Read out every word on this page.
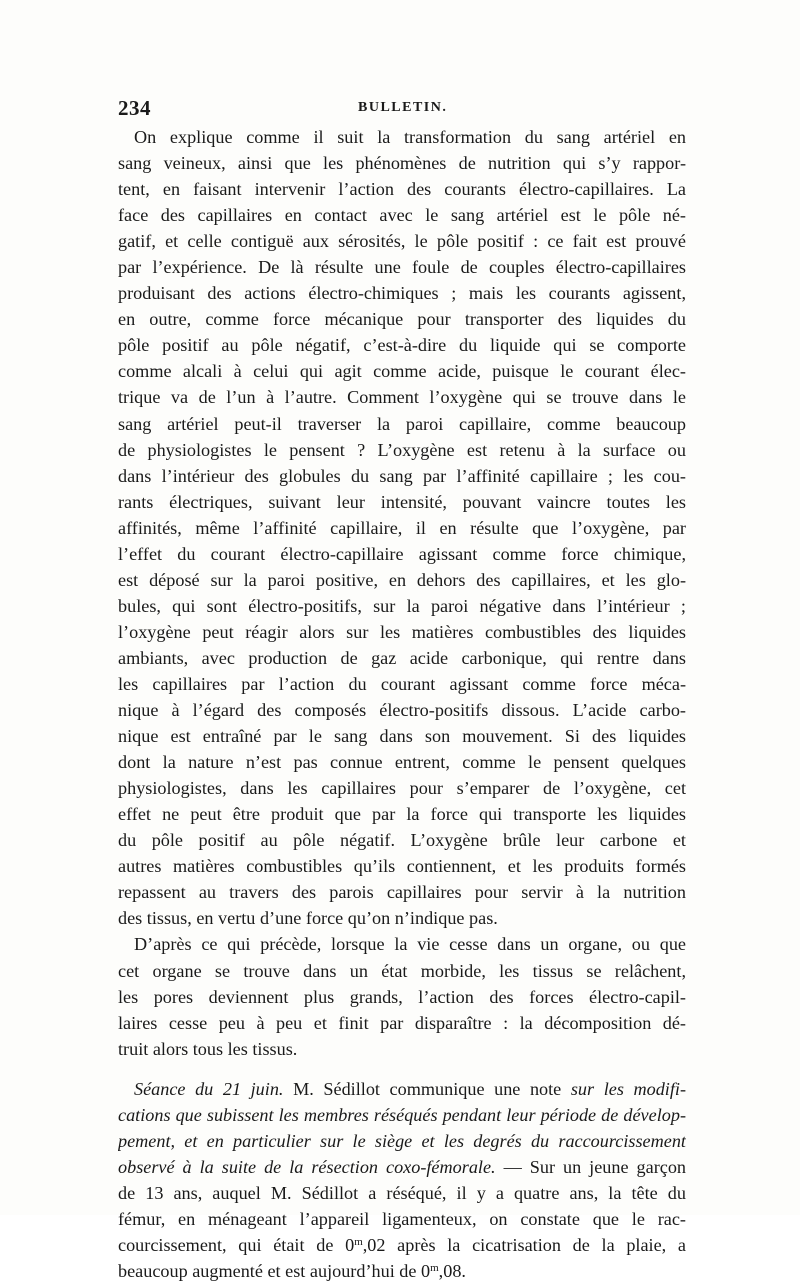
234	BULLETIN.
On explique comme il suit la transformation du sang artériel en
sang veineux, ainsi que les phénomènes de nutrition qui s’y rappor-
tent, en faisant intervenir l’action des courants électro-capillaires. La
face des capillaires en contact avec le sang artériel est le pôle né-
gatif, et celle contiguë aux sérosités, le pôle positif : ce fait est prouvé
par l’expérience. De là résulte une foule de couples électro-capillaires
produisant des actions électro-chimiques ; mais les courants agissent,
en outre, comme force mécanique pour transporter des liquides du
pôle positif au pôle négatif, c’est-à-dire du liquide qui se comporte
comme alcali à celui qui agit comme acide, puisque le courant élec-
trique va de l’un à l’autre. Comment l’oxygène qui se trouve dans le
sang artériel peut-il traverser la paroi capillaire, comme beaucoup
de physiologistes le pensent ? L’oxygène est retenu à la surface ou
dans l’intérieur des globules du sang par l’affinité capillaire ; les cou-
rants électriques, suivant leur intensité, pouvant vaincre toutes les
affinités, même l’affinité capillaire, il en résulte que l’oxygène, par
l’effet du courant électro-capillaire agissant comme force chimique,
est déposé sur la paroi positive, en dehors des capillaires, et les glo-
bules, qui sont électro-positifs, sur la paroi négative dans l’intérieur ;
l’oxygène peut réagir alors sur les matières combustibles des liquides
ambiants, avec production de gaz acide carbonique, qui rentre dans
les capillaires par l’action du courant agissant comme force méca-
nique à l’égard des composés électro-positifs dissous. L’acide carbo-
nique est entraîné par le sang dans son mouvement. Si des liquides
dont la nature n’est pas connue entrent, comme le pensent quelques
physiologistes, dans les capillaires pour s’emparer de l’oxygène, cet
effet ne peut être produit que par la force qui transporte les liquides
du pôle positif au pôle négatif. L’oxygène brûle leur carbone et
autres matières combustibles qu’ils contiennent, et les produits formés
repassent au travers des parois capillaires pour servir à la nutrition
des tissus, en vertu d’une force qu’on n’indique pas.
D’après ce qui précède, lorsque la vie cesse dans un organe, ou que
cet organe se trouve dans un état morbide, les tissus se relâchent,
les pores deviennent plus grands, l’action des forces électro-capil-
laires cesse peu à peu et finit par disparaître : la décomposition dé-
truit alors tous les tissus.
Séance du 21 juin. M. Sédillot communique une note sur les modifi-
cations que subissent les membres réséqués pendant leur période de dévelop-
pement, et en particulier sur le siège et les degrés du raccourcissement
observé à la suite de la résection coxo-fémorale. — Sur un jeune garçon
de 13 ans, auquel M. Sédillot a réséqué, il y a quatre ans, la tête du
fémur, en ménageant l’appareil ligamenteux, on constate que le rac-
courcissement, qui était de 0$^m$,02 après la cicatrisation de la plaie, a
beaucoup augmenté et est aujourd’hui de 0$^m$,08.
